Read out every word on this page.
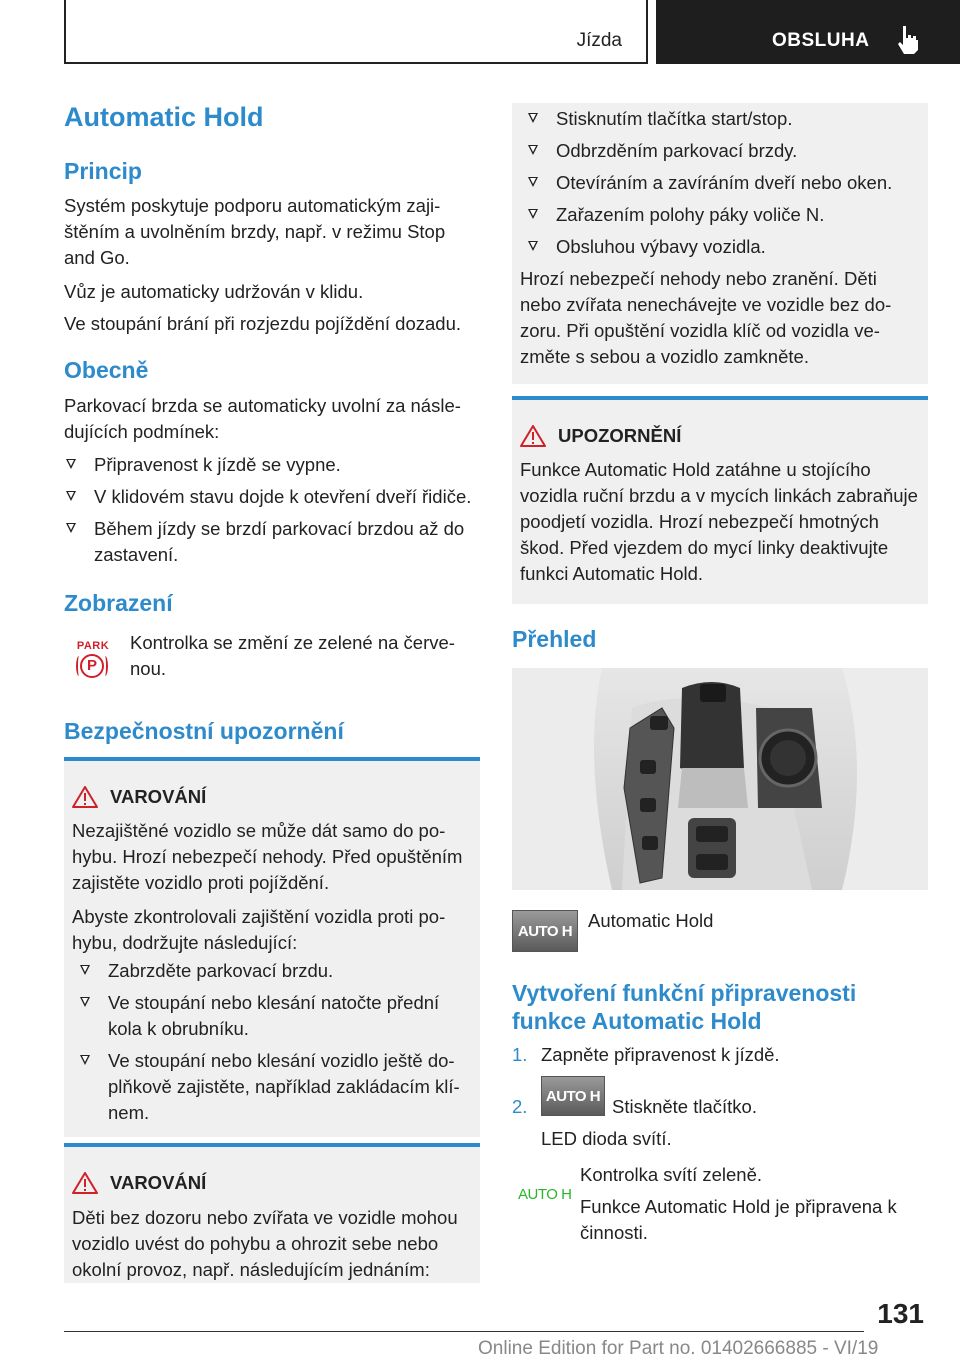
Jízda	OBSLUHA
Automatic Hold
Princip
Systém poskytuje podporu automatickým zaji-
štěním a uvolněním brzdy, např. v režimu Stop
and Go.
Vůz je automaticky udržován v klidu.
Ve stoupání brání při rozjezdu pojíždění dozadu.
Obecně
Parkovací brzda se automaticky uvolní za násle-
dujících podmínek:
Připravenost k jízdě se vypne.
V klidovém stavu dojde k otevření dveří řidiče.
Během jízdy se brzdí parkovací brzdou až do
zastavení.
Zobrazení
PARK
P
Kontrolka se změní ze zelené na červe-
nou.
Bezpečnostní upozornění
VAROVÁNÍ
Nezajištěné vozidlo se může dát samo do po-
hybu. Hrozí nebezpečí nehody. Před opuštěním
zajistěte vozidlo proti pojíždění.
Abyste zkontrolovali zajištění vozidla proti po-
hybu, dodržujte následující:
Zabrzděte parkovací brzdu.
Ve stoupání nebo klesání natočte přední
kola k obrubníku.
Ve stoupání nebo klesání vozidlo ještě do-
plňkově zajistěte, například zakládacím klí-
nem.
VAROVÁNÍ
Děti bez dozoru nebo zvířata ve vozidle mohou
vozidlo uvést do pohybu a ohrozit sebe nebo
okolní provoz, např. následujícím jednáním:
Stisknutím tlačítka start/stop.
Odbrzděním parkovací brzdy.
Otevíráním a zavíráním dveří nebo oken.
Zařazením polohy páky voliče N.
Obsluhou výbavy vozidla.
Hrozí nebezpečí nehody nebo zranění. Děti
nebo zvířata nenechávejte ve vozidle bez do-
zoru. Při opuštění vozidla klíč od vozidla ve-
změte s sebou a vozidlo zamkněte.
UPOZORNĚNÍ
Funkce Automatic Hold zatáhne u stojícího
vozidla ruční brzdu a v mycích linkách zabraňuje
poodjetí vozidla. Hrozí nebezpečí hmotných
škod. Před vjezdem do mycí linky deaktivujte
funkci Automatic Hold.
Přehled
AUTO H Automatic Hold
Vytvoření funkční připravenosti
funkce Automatic Hold
1. Zapněte připravenost k jízdě.
2.	AUTO H Stiskněte tlačítko.
LED dioda svítí.
AUTO H
Kontrolka svítí zeleně.
Funkce Automatic Hold je připravena k
činnosti.
131
Online Edition for Part no. 01402666885 - VI/19
